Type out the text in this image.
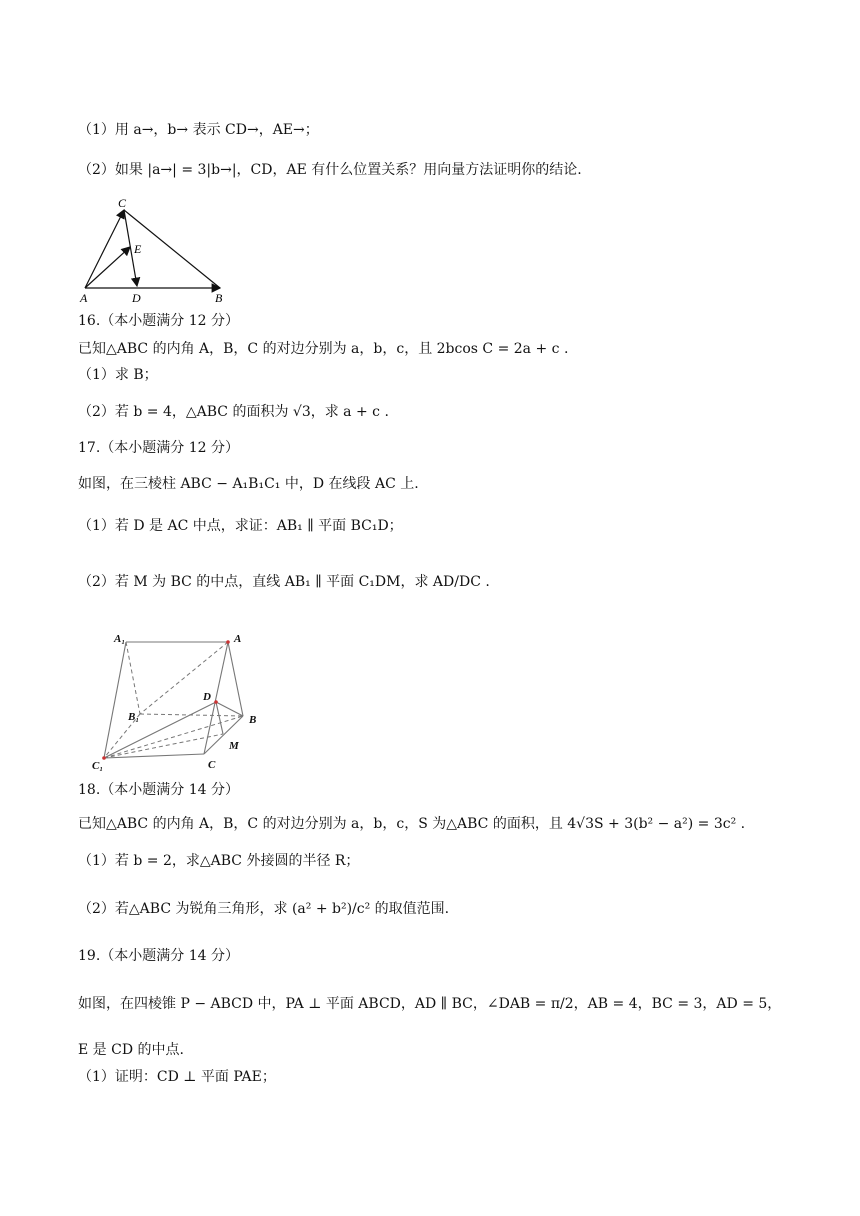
（1）用 a→，b→ 表示 CD→，AE→；
（2）如果 |a→| = 3|b→|，CD，AE 有什么位置关系？用向量方法证明你的结论.
C
E
A	D	B
16.（本小题满分 12 分）
已知△ABC 的内角 A，B，C 的对边分别为 a，b，c，且 2bcos C = 2a + c .
（1）求 B；
（2）若 b = 4，△ABC 的面积为 √3，求 a + c .
17.（本小题满分 12 分）
如图，在三棱柱 ABC − A₁B₁C₁ 中，D 在线段 AC 上.
（1）若 D 是 AC 中点，求证：AB₁ ∥ 平面 BC₁D；
（2）若 M 为 BC 的中点，直线 AB₁ ∥ 平面 C₁DM，求 AD/DC .
A₁	A
B₁
D
B
M
C₁	C
18.（本小题满分 14 分）
已知△ABC 的内角 A，B，C 的对边分别为 a，b，c，S 为△ABC 的面积，且 4√3S + 3(b² − a²) = 3c² .
（1）若 b = 2，求△ABC 外接圆的半径 R；
（2）若△ABC 为锐角三角形，求 (a² + b²)/c² 的取值范围.
19.（本小题满分 14 分）
如图，在四棱锥 P − ABCD 中，PA ⊥ 平面 ABCD，AD ∥ BC，∠DAB = π/2，AB = 4，BC = 3，AD = 5，
E 是 CD 的中点.
（1）证明：CD ⊥ 平面 PAE；
